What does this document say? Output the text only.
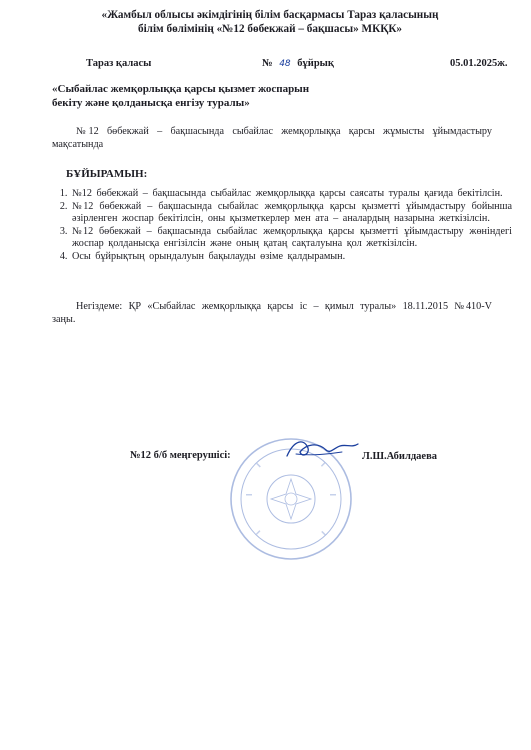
«Жамбыл облысы әкімдігінің білім басқармасы Тараз қаласының
білім бөлімінің «№12 бөбекжай – бақшасы» МКҚК»
Тараз қаласы	№ 48 бұйрық	05.01.2025ж.
«Сыбайлас жемқорлыққа қарсы қызмет жоспарын
бекіту және қолданысқа енгізу туралы»
№12 бөбекжай – бақшасында сыбайлас жемқорлыққа қарсы жұмысты ұйымдастыру мақсатында
БҰЙЫРАМЫН:
1. №12 бөбекжай – бақшасында сыбайлас жемқорлыққа қарсы саясаты туралы қағида бекітілсін.
2. №12 бөбекжай – бақшасында сыбайлас жемқорлыққа қарсы қызметті ұйымдастыру бойынша әзірленген жоспар бекітілсін, оны қызметкерлер мен ата – аналардың назарына жеткізілсін.
3. №12 бөбекжай – бақшасында сыбайлас жемқорлыққа қарсы қызметті ұйымдастыру жөніндегі жоспар қолданысқа енгізілсін және оның қатаң сақталуына қол жеткізілсін.
4. Осы бұйрықтың орындалуын бақылауды өзіме қалдырамын.
Негіздеме: ҚР «Сыбайлас жемқорлыққа қарсы іс – қимыл туралы» 18.11.2015 №410-V заңы.
№12 б/б меңгерушісі:	Л.Ш.Абилдаева
